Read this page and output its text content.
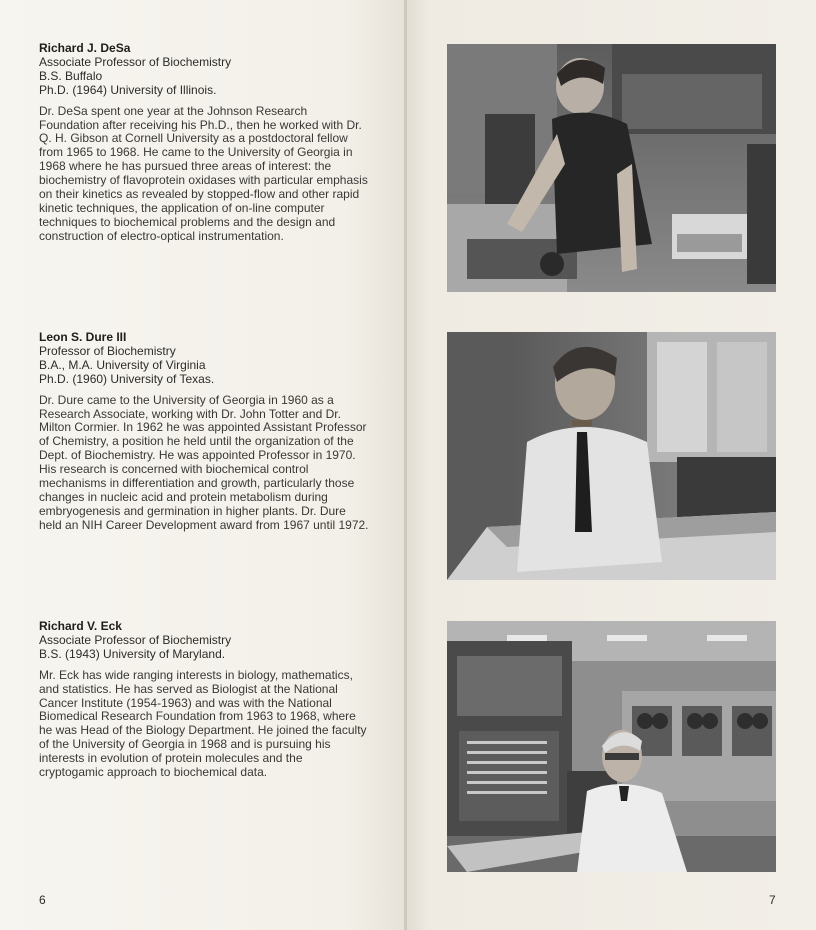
Richard J. DeSa
Associate Professor of Biochemistry
B.S. Buffalo
Ph.D. (1964) University of Illinois.
Dr. DeSa spent one year at the Johnson Research Foundation after receiving his Ph.D., then he worked with Dr. Q. H. Gibson at Cornell University as a postdoctoral fellow from 1965 to 1968. He came to the University of Georgia in 1968 where he has pursued three areas of interest: the biochemistry of flavoprotein oxidases with particular emphasis on their kinetics as revealed by stopped-flow and other rapid kinetic techniques, the application of on-line computer techniques to biochemical problems and the design and construction of electro-optical instrumentation.
Leon S. Dure III
Professor of Biochemistry
B.A., M.A. University of Virginia
Ph.D. (1960) University of Texas.
Dr. Dure came to the University of Georgia in 1960 as a Research Associate, working with Dr. John Totter and Dr. Milton Cormier. In 1962 he was appointed Assistant Professor of Chemistry, a position he held until the organization of the Dept. of Biochemistry. He was appointed Professor in 1970. His research is concerned with biochemical control mechanisms in differentiation and growth, particularly those changes in nucleic acid and protein metabolism during embryogenesis and germination in higher plants. Dr. Dure held an NIH Career Development award from 1967 until 1972.
Richard V. Eck
Associate Professor of Biochemistry
B.S. (1943) University of Maryland.
Mr. Eck has wide ranging interests in biology, mathematics, and statistics. He has served as Biologist at the National Cancer Institute (1954-1963) and was with the National Biomedical Research Foundation from 1963 to 1968, where he was Head of the Biology Department. He joined the faculty of the University of Georgia in 1968 and is pursuing his interests in evolution of protein molecules and the cryptogamic approach to biochemical data.
6	7
